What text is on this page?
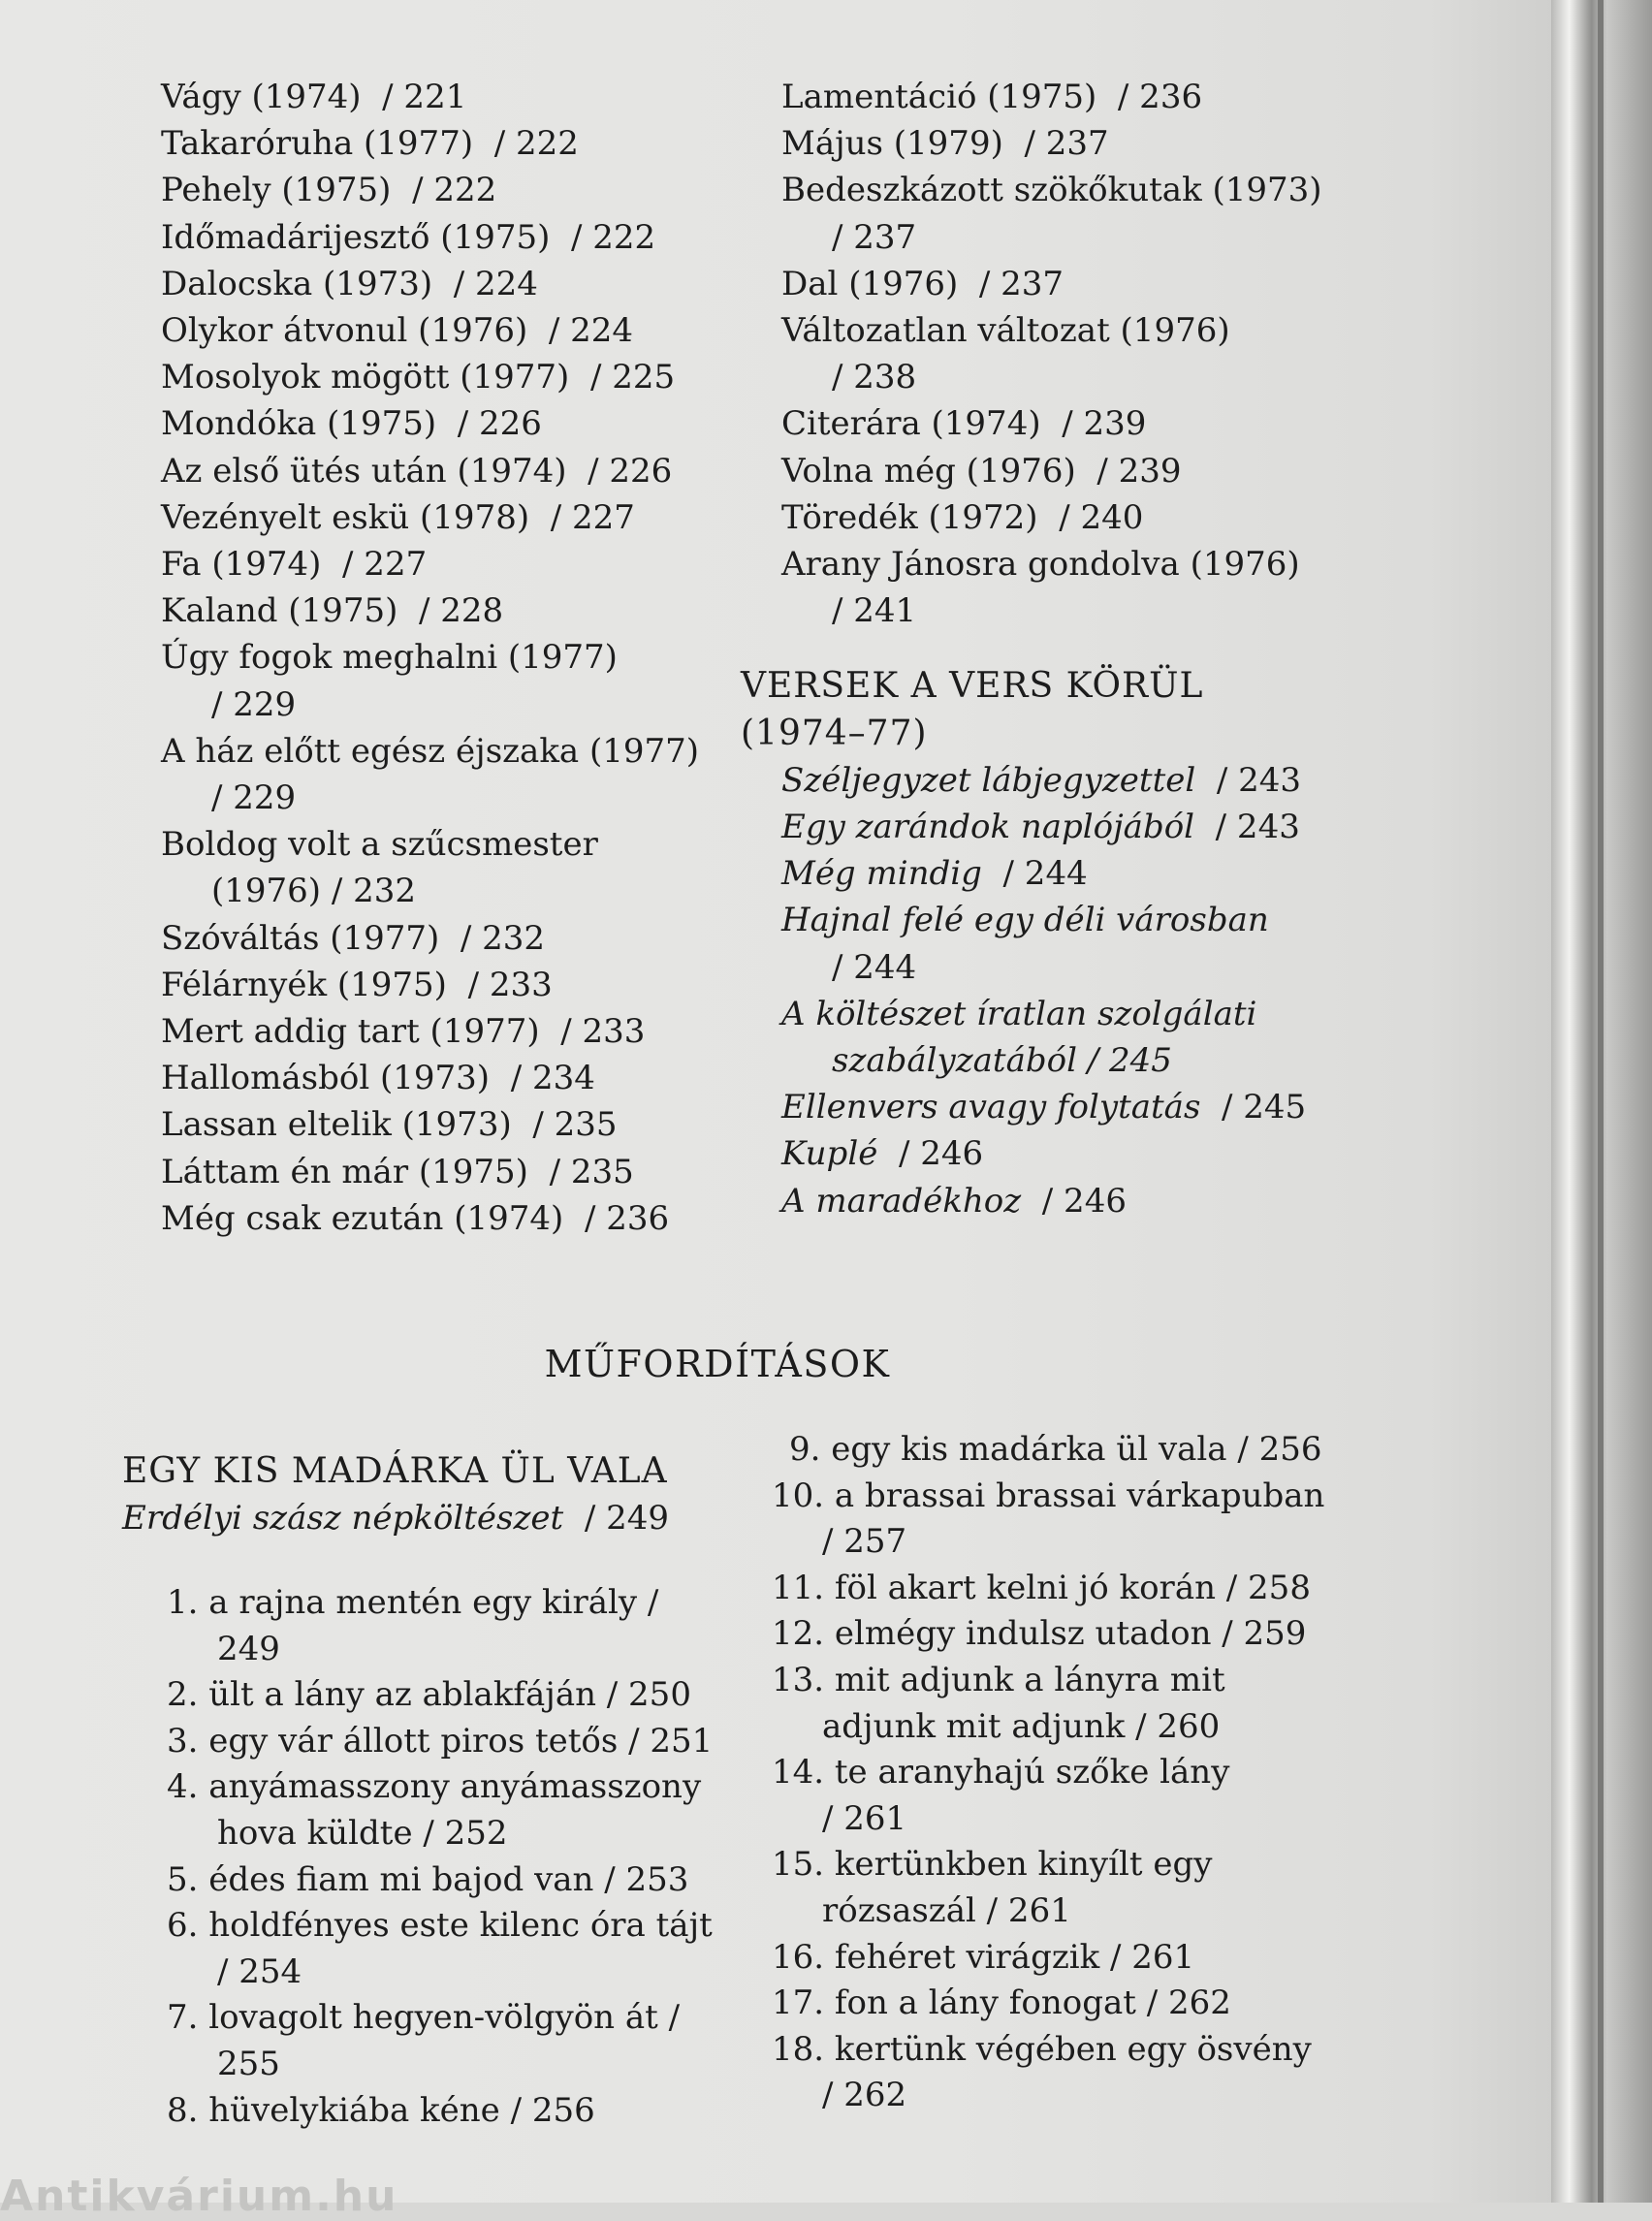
Vágy (1974) / 221
Takaróruha (1977) / 222
Pehely (1975) / 222
Időmadárijesztő (1975) / 222
Dalocska (1973) / 224
Olykor átvonul (1976) / 224
Mosolyok mögött (1977) / 225
Mondóka (1975) / 226
Az első ütés után (1974) / 226
Vezényelt eskü (1978) / 227
Fa (1974) / 227
Kaland (1975) / 228
Úgy fogok meghalni (1977)
/ 229
A ház előtt egész éjszaka (1977)
/ 229
Boldog volt a szűcsmester
(1976) / 232
Szóváltás (1977) / 232
Félárnyék (1975) / 233
Mert addig tart (1977) / 233
Hallomásból (1973) / 234
Lassan eltelik (1973) / 235
Láttam én már (1975) / 235
Még csak ezután (1974) / 236
Lamentáció (1975) / 236
Május (1979) / 237
Bedeszkázott szökőkutak (1973)
/ 237
Dal (1976) / 237
Változatlan változat (1976)
/ 238
Citerára (1974) / 239
Volna még (1976) / 239
Töredék (1972) / 240
Arany Jánosra gondolva (1976)
/ 241
VERSEK A VERS KÖRÜL
(1974–77)
Széljegyzet lábjegyzettel / 243
Egy zarándok naplójából / 243
Még mindig / 244
Hajnal felé egy déli városban
/ 244
A költészet íratlan szolgálati
szabályzatából / 245
Ellenvers avagy folytatás / 245
Kuplé / 246
A maradékhoz / 246
MŰFORDÍTÁSOK
EGY KIS MADÁRKA ÜL VALA
Erdélyi szász népköltészet / 249
1. a rajna mentén egy király /
249
2. ült a lány az ablakfáján / 250
3. egy vár állott piros tetős / 251
4. anyámasszony anyámasszony
hova küldte / 252
5. édes fiam mi bajod van / 253
6. holdfényes este kilenc óra tájt
/ 254
7. lovagolt hegyen-völgyön át /
255
8. hüvelykiába kéne / 256
9. egy kis madárka ül vala / 256
10. a brassai brassai várkapuban
/ 257
11. föl akart kelni jó korán / 258
12. elmégy indulsz utadon / 259
13. mit adjunk a lányra mit
adjunk mit adjunk / 260
14. te aranyhajú szőke lány
/ 261
15. kertünkben kinyílt egy
rózsaszál / 261
16. fehéret virágzik / 261
17. fon a lány fonogat / 262
18. kertünk végében egy ösvény
/ 262
Antikvárium.hu
